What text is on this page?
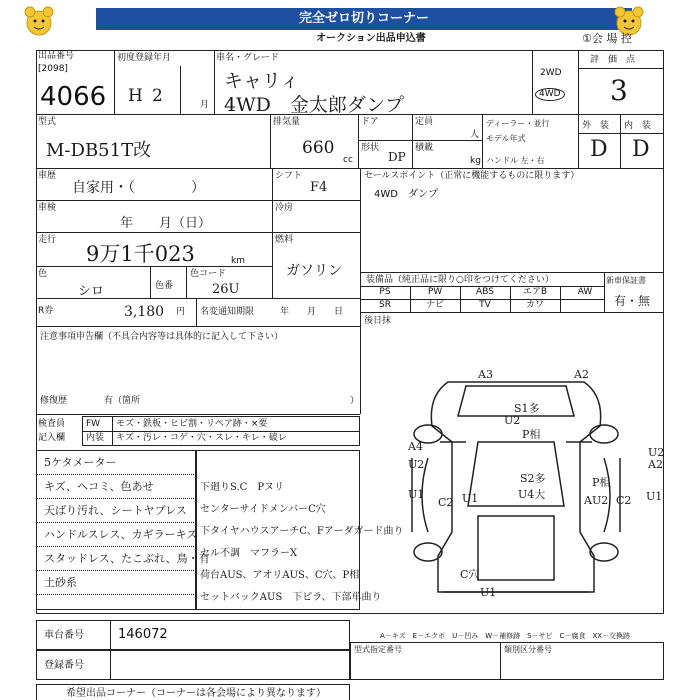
完全ゼロ切りコーナー
オークション出品申込書	①会 場 控
出品番号
[2098]
4066
初度登録年月
H 2	月
車名・グレード
キャリィ
4WD　金太郎ダンプ
2WD
4WD
評　価　点
3
型式
M-DB51T改
排気量
660
cc
ドア
形状
DP
定員
積載
人
kg
ディーラー・並行
モデル年式
ハンドル 左・右
外　装 内　装
D D
車歴
自家用・（　　　　）
シフト
F4
車検
年　　月（日）
冷房
走行
9万1千023	km
燃料
ガソリン
色
シロ	色番
色コード
26U
R券	3,180 円 名変通知期限	年　　月　　日
注意事項申告欄（不具合内容等は具体的に記入して下さい）
修復歴	有（箇所	）
セールスポイント（正常に機能するものに限ります）
4WD　ダンプ
装備品（純正品に限り○印をつけてください）	新車保証書
有・無
PS	PW	ABS	エアB	AW
SR	ナビ	TV	カワ
後日抹
A3	A2
S1多
U2
P相
A4
U2
U2
A2
S2多
U4大
P相
U1
C2 U1	AU2 C2 U1
C穴
U1
検査員
記入欄
FW モズ・鉄板・ヒビ割・リペア跡・×要
内装 キズ・汚レ・コゲ・穴・スレ・キレ・破レ
5ケタメーター
キズ、ヘコミ、色あせ
天ばり汚れ、シートヤブレス
ハンドルスレス、カギラーキズ
スタッドレス、たこぶれ、鳥・有
土砂系
下廻りS.C　Pヌリ
センターサイドメンバーC穴
下タイヤハウスアーチC、Fアーダガード曲り
セル不調　マフラーX
荷台AUS、アオリAUS、C穴、P相
セットバックAUS　下ピラ、下部単曲り
車台番号	146072
登録番号
A－キズ　E－エクボ　U－凹み　W－補修跡　S－サビ　C－腐食　XX－交換跡
型式指定番号	類別区分番号
希望出品コーナー（コーナーは各会場により異なります）
